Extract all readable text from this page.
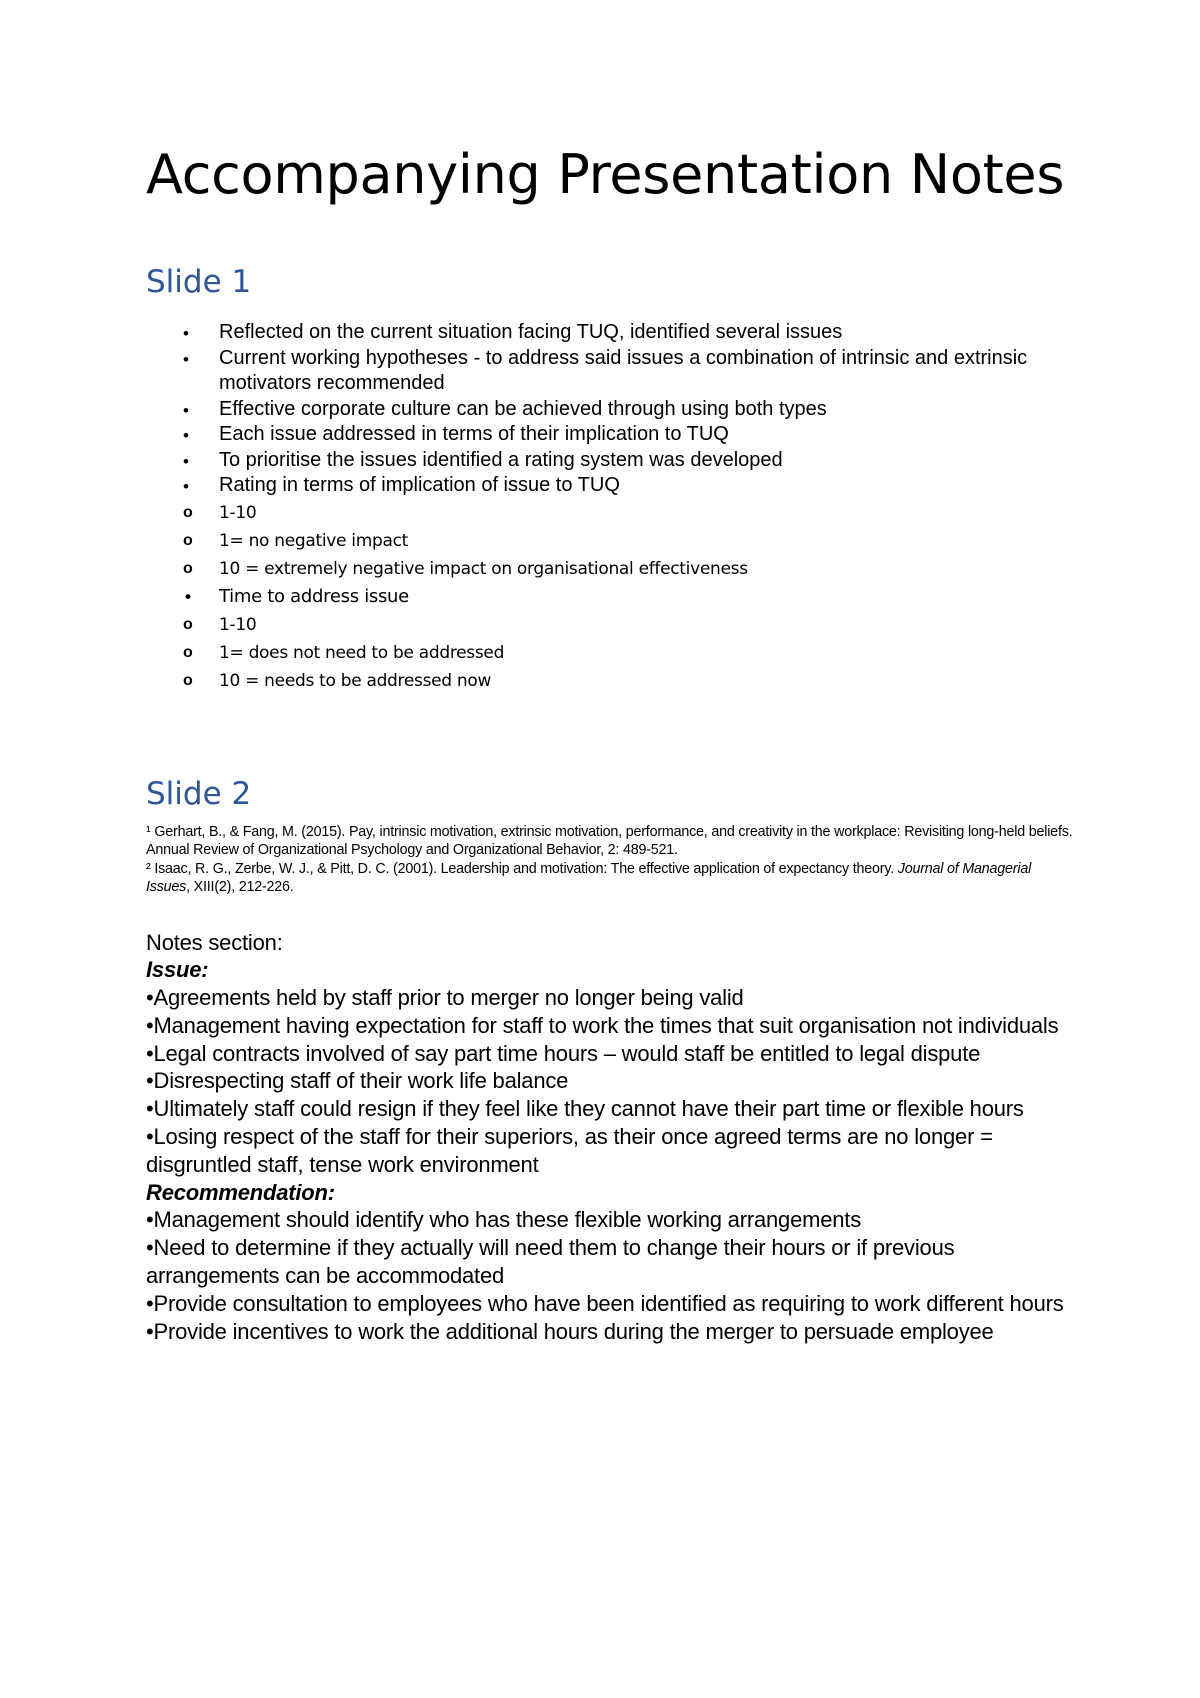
Accompanying Presentation Notes
Slide 1
• Reflected on the current situation facing TUQ, identified several issues
• Current working hypotheses - to address said issues a combination of intrinsic and extrinsic motivators recommended
• Effective corporate culture can be achieved through using both types
• Each issue addressed in terms of their implication to TUQ
• To prioritise the issues identified a rating system was developed
• Rating in terms of implication of issue to TUQ
o 1-10
o 1= no negative impact
o 10 = extremely negative impact on organisational effectiveness
• Time to address issue
o 1-10
o 1= does not need to be addressed
o 10 = needs to be addressed now
Slide 2

¹ Gerhart, B., & Fang, M. (2015). Pay, intrinsic motivation, extrinsic motivation, performance, and creativity in the workplace: Revisiting long-held beliefs. Annual Review of Organizational Psychology and Organizational Behavior, 2: 489-521.

² Isaac, R. G., Zerbe, W. J., & Pitt, D. C. (2001). Leadership and motivation: The effective application of expectancy theory. Journal of Managerial Issues, XIII(2), 212-226.

Notes section:

Issue:

•Agreements held by staff prior to merger no longer being valid

•Management having expectation for staff to work the times that suit organisation not individuals

•Legal contracts involved of say part time hours – would staff be entitled to legal dispute

•Disrespecting staff of their work life balance

•Ultimately staff could resign if they feel like they cannot have their part time or flexible hours

•Losing respect of the staff for their superiors, as their once agreed terms are no longer = disgruntled staff, tense work environment

Recommendation:

•Management should identify who has these flexible working arrangements

•Need to determine if they actually will need them to change their hours or if previous arrangements can be accommodated

•Provide consultation to employees who have been identified as requiring to work different hours

•Provide incentives to work the additional hours during the merger to persuade employee
